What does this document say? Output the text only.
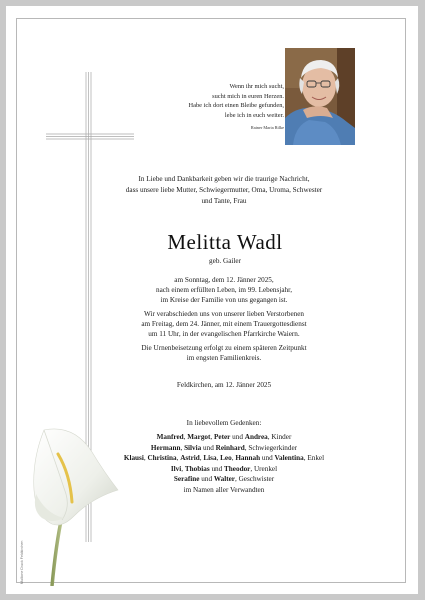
Wenn ihr mich sucht,
sucht mich in euren Herzen.
Habe ich dort einen Bleibe gefunden,
lebe ich in euch weiter.
Rainer Maria Rilke
In Liebe und Dankbarkeit geben wir die traurige Nachricht,
dass unsere liebe Mutter, Schwiegermutter, Oma, Uroma, Schwester
und Tante, Frau
Melitta Wadl
geb. Gailer
am Sonntag, dem 12. Jänner 2025,
nach einem erfüllten Leben, im 99. Lebensjahr,
im Kreise der Familie von uns gegangen ist.
Wir verabschieden uns von unserer lieben Verstorbenen
am Freitag, dem 24. Jänner, mit einem Trauergottesdienst
um 11 Uhr, in der evangelischen Pfarrkirche Waiern.
Die Urnenbeisetzung erfolgt zu einem späteren Zeitpunkt
im engsten Familienkreis.
Feldkirchen, am 12. Jänner 2025
In liebevollem Gedenken:
Manfred, Margot, Peter und Andrea, Kinder
Hermann, Silvia und Reinhard, Schwiegerkinder
Klausi, Christina, Astrid, Lisa, Leo, Hannah und Valentina, Enkel
Ilvi, Thobias und Theodor, Urenkel
Serafine und Walter, Geschwister
im Namen aller Verwandten
Mullione Druck Feldkirchen
